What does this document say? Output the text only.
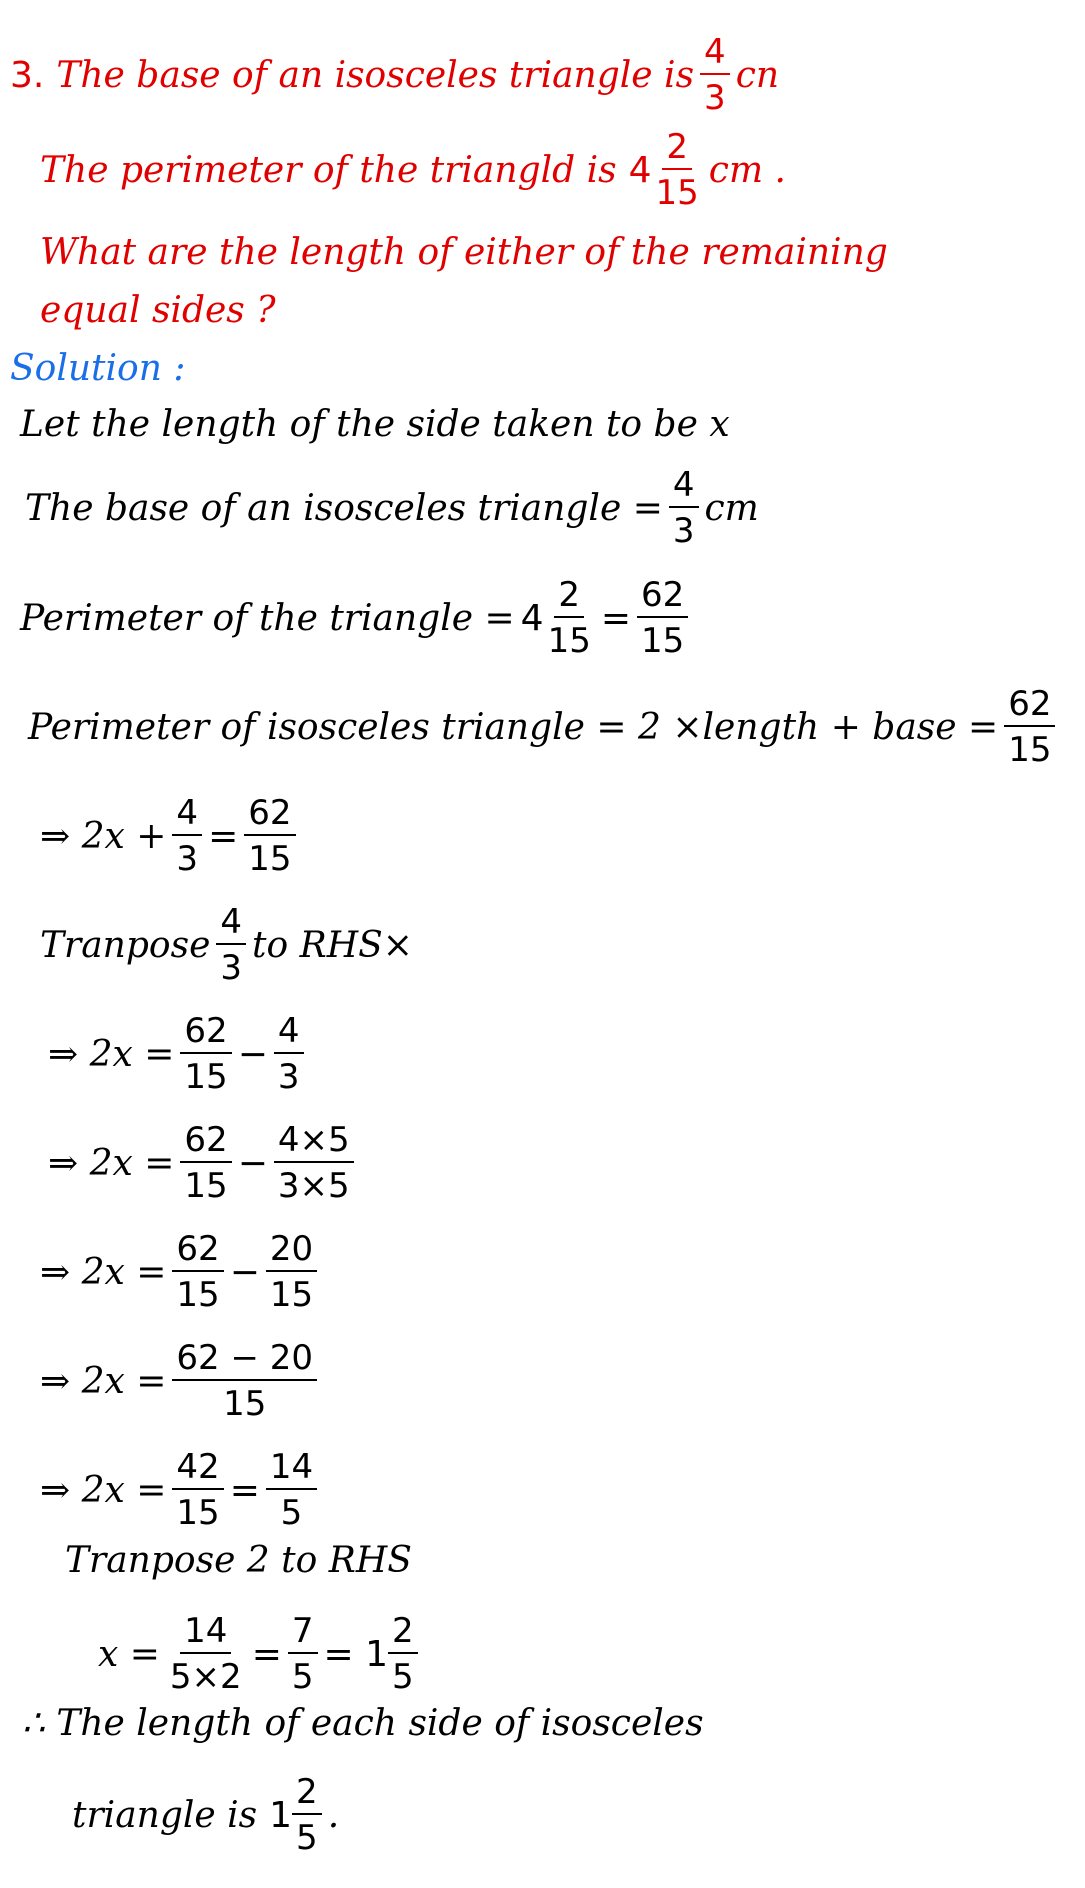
3. The base of an isosceles triangle is
4
3
cn
The perimeter of the triangld is 4
2
15
cm .
What are the length of either of the remaining
equal sides ?
Solution :
Let the length of the side taken to be x
The base of an isosceles triangle = $\frac{4}{3}$ cm
Perimeter of the triangle = $4 \frac{2}{15} = \frac{62}{15}$
Perimeter of isosceles triangle = 2 ×length + base = $\frac{62}{15}$
⇒ $2x + \frac{4}{3} = \frac{62}{15}$
Tranpose
4
3
to RHS×
⇒ $2x = \frac{62}{15} - \frac{4}{3}$
⇒ $2x = \frac{62}{15} - \frac{4\times 5}{3\times 5}$
⇒ $2x = \frac{62}{15} - \frac{20}{15}$
⇒ $2x = \frac{62 - 20}{15}$
⇒ $2x = \frac{42}{15} = \frac{14}{5}$
Tranpose 2 to RHS
$x = \frac{14}{5\times 2} = \frac{7}{5} = 1$
2
5
∴ The length of each side of isosceles
triangle is 1
2
5
.
